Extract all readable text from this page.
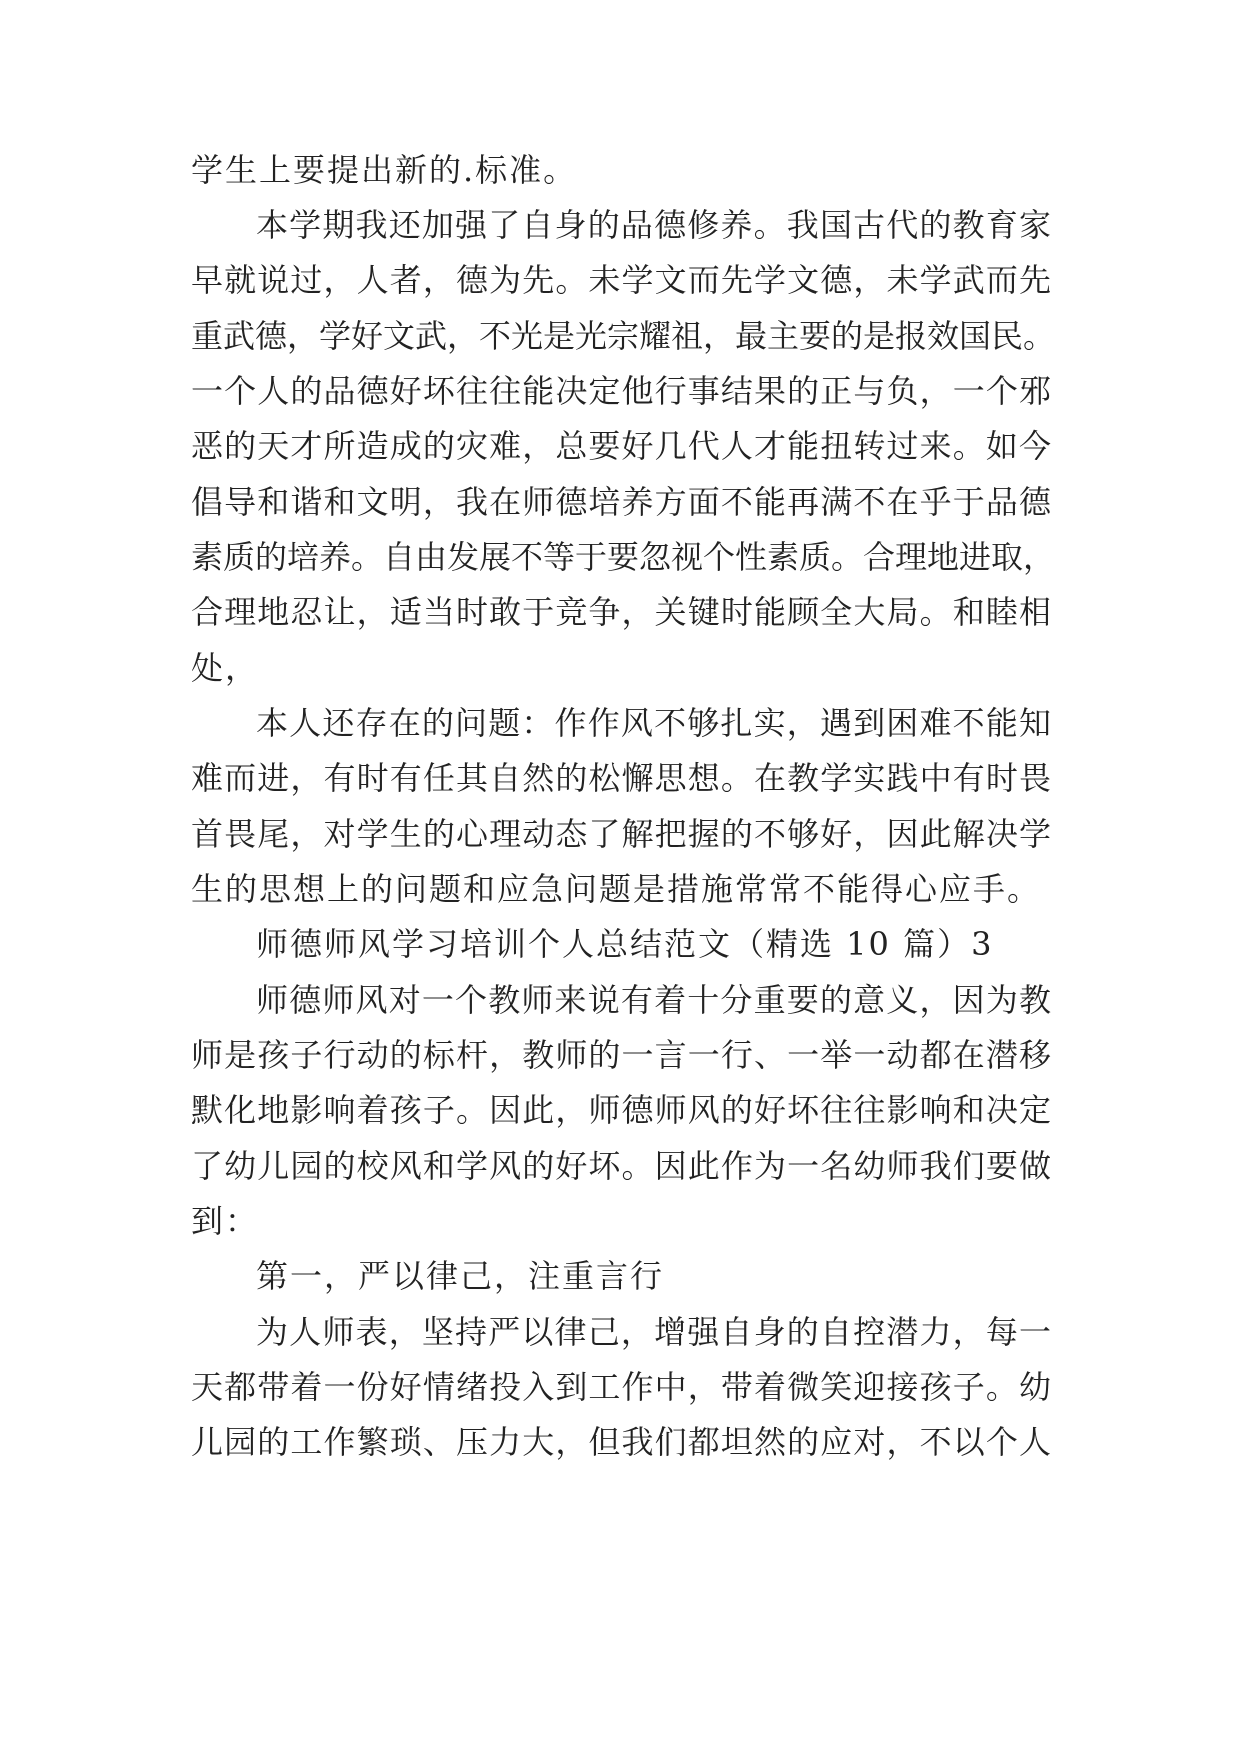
学生上要提出新的.标准。
本学期我还加强了自身的品德修养。我国古代的教育家
早就说过，人者，德为先。未学文而先学文德，未学武而先
重武德，学好文武，不光是光宗耀祖，最主要的是报效国民。
一个人的品德好坏往往能决定他行事结果的正与负，一个邪
恶的天才所造成的灾难，总要好几代人才能扭转过来。如今
倡导和谐和文明，我在师德培养方面不能再满不在乎于品德
素质的培养。自由发展不等于要忽视个性素质。合理地进取，
合理地忍让，适当时敢于竞争，关键时能顾全大局。和睦相
处，
本人还存在的问题：作作风不够扎实，遇到困难不能知
难而进，有时有任其自然的松懈思想。在教学实践中有时畏
首畏尾，对学生的心理动态了解把握的不够好，因此解决学
生的思想上的问题和应急问题是措施常常不能得心应手。
师德师风学习培训个人总结范文（精选 10 篇）3
师德师风对一个教师来说有着十分重要的意义，因为教
师是孩子行动的标杆，教师的一言一行、一举一动都在潜移
默化地影响着孩子。因此，师德师风的好坏往往影响和决定
了幼儿园的校风和学风的好坏。因此作为一名幼师我们要做
到：
第一，严以律己，注重言行
为人师表，坚持严以律己，增强自身的自控潜力，每一
天都带着一份好情绪投入到工作中，带着微笑迎接孩子。幼
儿园的工作繁琐、压力大，但我们都坦然的应对，不以个人
